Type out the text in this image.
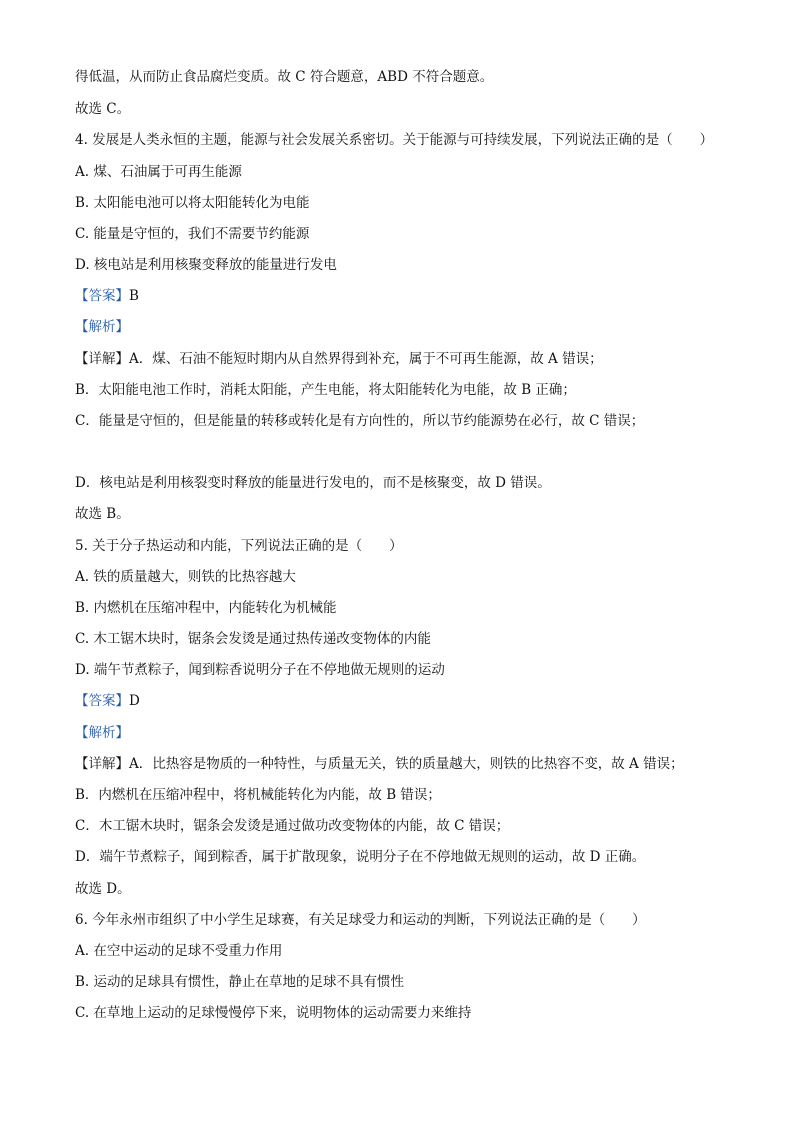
得低温，从而防止食品腐烂变质。故 C 符合题意，ABD 不符合题意。
故选 C。
4. 发展是人类永恒的主题，能源与社会发展关系密切。关于能源与可持续发展，下列说法正确的是（　　）
A. 煤、石油属于可再生能源
B. 太阳能电池可以将太阳能转化为电能
C. 能量是守恒的，我们不需要节约能源
D. 核电站是利用核聚变释放的能量进行发电
【答案】B
【解析】
【详解】A．煤、石油不能短时期内从自然界得到补充，属于不可再生能源，故 A 错误；
B．太阳能电池工作时，消耗太阳能，产生电能，将太阳能转化为电能，故 B 正确；
C．能量是守恒的，但是能量的转移或转化是有方向性的，所以节约能源势在必行，故 C 错误；
D．核电站是利用核裂变时释放的能量进行发电的，而不是核聚变，故 D 错误。
故选 B。
5. 关于分子热运动和内能，下列说法正确的是（　　）
A. 铁的质量越大，则铁的比热容越大
B. 内燃机在压缩冲程中，内能转化为机械能
C. 木工锯木块时，锯条会发烫是通过热传递改变物体的内能
D. 端午节煮粽子，闻到粽香说明分子在不停地做无规则的运动
【答案】D
【解析】
【详解】A．比热容是物质的一种特性，与质量无关，铁的质量越大，则铁的比热容不变，故 A 错误；
B．内燃机在压缩冲程中，将机械能转化为内能，故 B 错误；
C．木工锯木块时，锯条会发烫是通过做功改变物体的内能，故 C 错误；
D．端午节煮粽子，闻到粽香，属于扩散现象，说明分子在不停地做无规则的运动，故 D 正确。
故选 D。
6. 今年永州市组织了中小学生足球赛，有关足球受力和运动的判断，下列说法正确的是（　　）
A. 在空中运动的足球不受重力作用
B. 运动的足球具有惯性，静止在草地的足球不具有惯性
C. 在草地上运动的足球慢慢停下来，说明物体的运动需要力来维持
